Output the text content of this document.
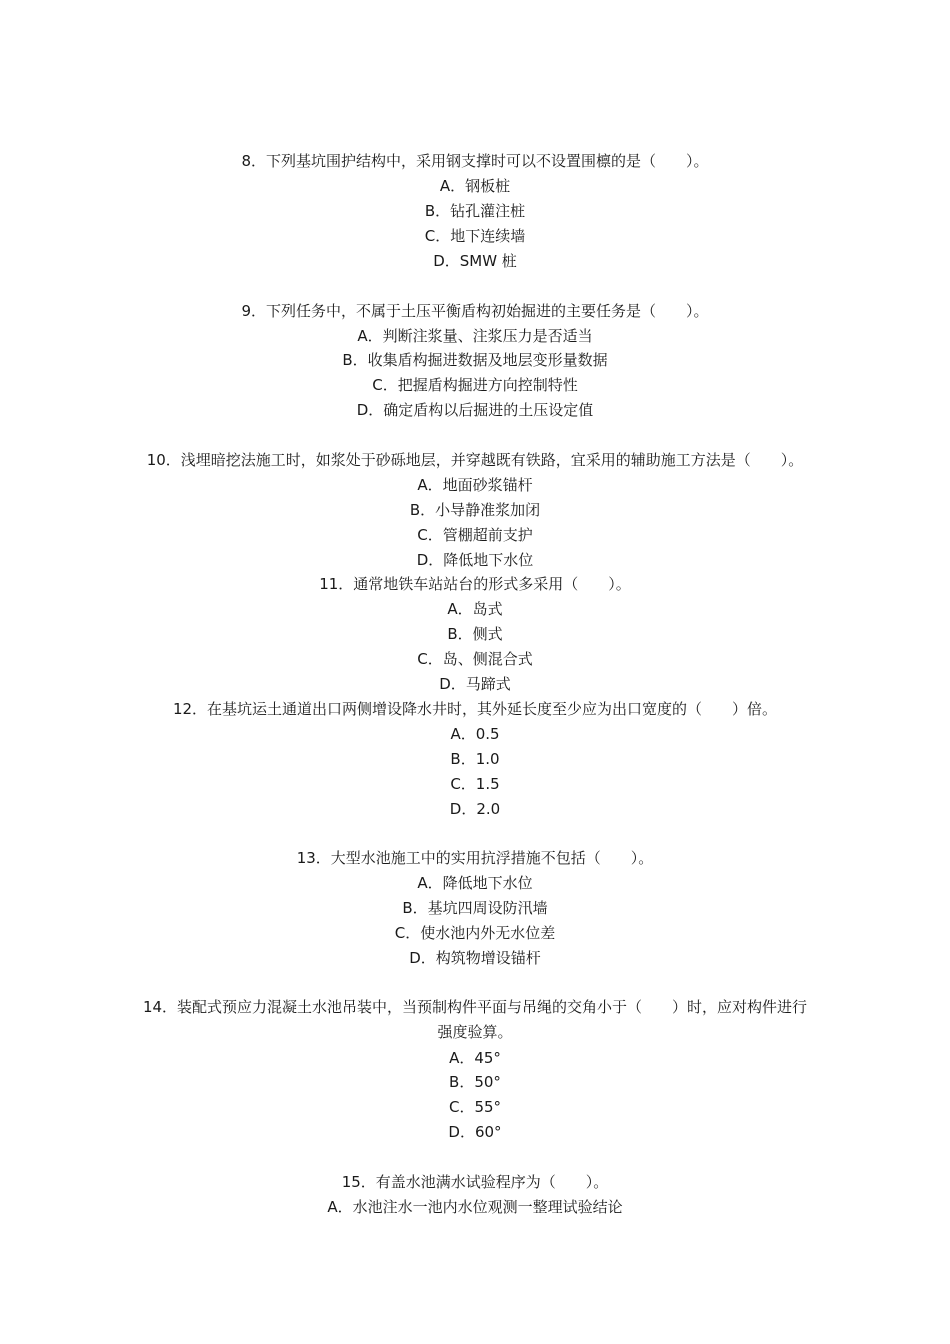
8．下列基坑围护结构中，采用钢支撑时可以不设置围檩的是（　　）。
A．钢板桩
B．钻孔灌注桩
C．地下连续墙
D．SMW 桩
9．下列任务中，不属于土压平衡盾构初始掘进的主要任务是（　　）。
A．判断注浆量、注浆压力是否适当
B．收集盾构掘进数据及地层变形量数据
C．把握盾构掘进方向控制特性
D．确定盾构以后掘进的土压设定值
10．浅埋暗挖法施工时，如浆处于砂砾地层，并穿越既有铁路，宜采用的辅助施工方法是（　　）。
A．地面砂浆锚杆
B．小导静准浆加闭
C．管棚超前支护
D．降低地下水位
11．通常地铁车站站台的形式多采用（　　）。
A．岛式
B．侧式
C．岛、侧混合式
D．马蹄式
12．在基坑运土通道出口两侧增设降水井时，其外延长度至少应为出口宽度的（　　）倍。
A．0.5
B．1.0
C．1.5
D．2.0
13．大型水池施工中的实用抗浮措施不包括（　　）。
A．降低地下水位
B．基坑四周设防汛墙
C．使水池内外无水位差
D．构筑物增设锚杆
14．装配式预应力混凝土水池吊装中，当预制构件平面与吊绳的交角小于（　　）时，应对构件进行强度验算。
A．45°
B．50°
C．55°
D．60°
15．有盖水池满水试验程序为（　　）。
A．水池注水一池内水位观测一整理试验结论
